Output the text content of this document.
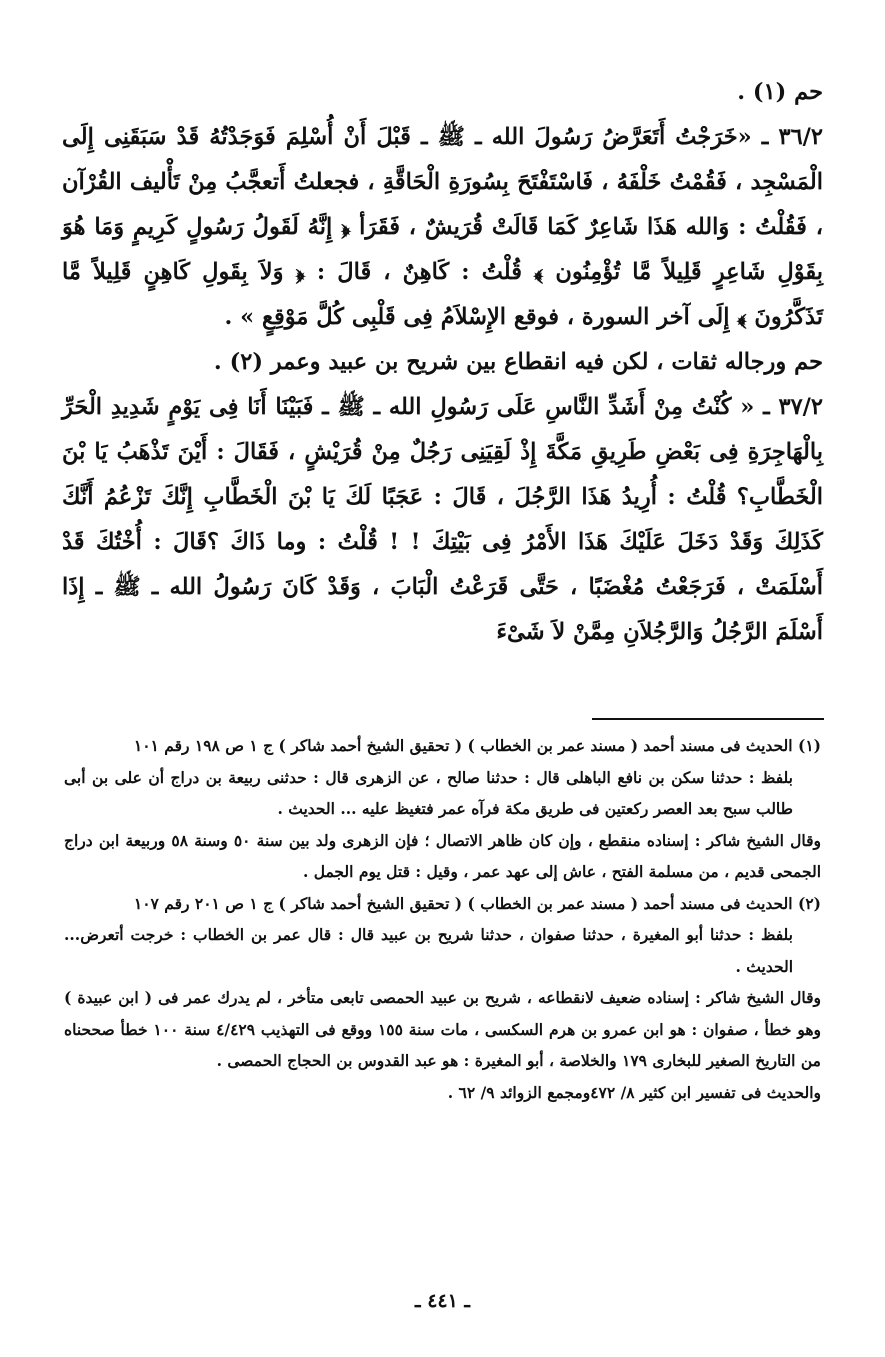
حم (١) .

٣٦/٢ ـ «خَرَجْتُ أَتَعَرَّضُ رَسُولَ الله ـ ﷺ ـ قَبْلَ أَنْ أُسْلِمَ فَوَجَدْتُهُ قَدْ سَبَقَنِى إِلَى الْمَسْجِد ، فَقُمْتُ خَلْفَهُ ، فَاسْتَفْتَحَ بِسُورَةِ الْحَاقَّةِ ، فجعلتُ أَتعجَّبُ مِنْ تَأْليف القُرْآن ، فَقُلْتُ : وَالله هَذَا شَاعِرٌ كَمَا قَالَتْ قُرَيشٌ ، فَقَرَأ ﴿ إِنَّهُ لَقَولُ رَسُولٍ كَرِيمٍ وَمَا هُوَ بِقَوْلِ شَاعِرٍ قَلِيلاً مَّا تُؤْمِنُون ﴾ قُلْتُ : كَاهِنٌ ، قَالَ : ﴿ وَلاَ بِقَولِ كَاهِنٍ قَلِيلاً مَّا تَذَكَّرُونَ ﴾ إِلَى آخر السورة ، فوقع الإِسْلاَمُ فِى قَلْبِى كُلَّ مَوْقِعٍ » .

حم ورجاله ثقات ، لكن فيه انقطاع بين شريح بن عبيد وعمر (٢) .

٣٧/٢ ـ « كُنْتُ مِنْ أَشَدِّ النَّاسِ عَلَى رَسُولِ الله ـ ﷺ ـ فَبَيْنَا أَنَا فِى يَوْمٍ شَدِيدِ الْحَرِّ بِالْهَاجِرَةِ فِى بَعْضِ طَرِيقِ مَكَّةَ إِذْ لَقِيَنِى رَجُلٌ مِنْ قُرَيْشٍ ، فَقَالَ : أَيْنَ تَذْهَبُ يَا بْنَ الْخَطَّابِ؟ قُلْتُ : أُرِيدُ هَذَا الرَّجُلَ ، قَالَ : عَجَبًا لَكَ يَا بْنَ الْخَطَّابِ إِنَّكَ تَزْعُمُ أَنَّكَ كَذَلِكَ وَقَدْ دَخَلَ عَلَيْكَ هَذَا الأَمْرُ فِى بَيْتِكَ ! ! قُلْتُ : وما ذَاكَ ؟قَالَ : أُخْتُكَ قَدْ أَسْلَمَتْ ، فَرَجَعْتُ مُغْضَبًا ، حَتَّى قَرَعْتُ الْبَابَ ، وَقَدْ كَانَ رَسُولُ الله ـ ﷺ ـ إِذَا أَسْلَمَ الرَّجُلُ وَالرَّجُلاَنِ مِمَّنْ لاَ شَىْءَ

(١) الحديث فى مسند أحمد ( مسند عمر بن الخطاب ) ( تحقيق الشيخ أحمد شاكر ) ج ١ ص ١٩٨ رقم ١٠١

بلفظ : حدثنا سكن بن نافع الباهلى قال : حدثنا صالح ، عن الزهرى قال : حدثنى ربيعة بن دراج أن على بن أبى طالب سبح بعد العصر ركعتين فى طريق مكة فرآه عمر فتغيظ عليه ... الحديث .

وقال الشيخ شاكر : إسناده منقطع ، وإن كان ظاهر الاتصال ؛ فإن الزهرى ولد بين سنة ٥٠ وسنة ٥٨ وربيعة ابن دراج الجمحى قديم ، من مسلمة الفتح ، عاش إلى عهد عمر ، وقيل : قتل يوم الجمل .

(٢) الحديث فى مسند أحمد ( مسند عمر بن الخطاب ) ( تحقيق الشيخ أحمد شاكر ) ج ١ ص ٢٠١ رقم ١٠٧

بلفظ : حدثنا أبو المغيرة ، حدثنا صفوان ، حدثنا شريح بن عبيد قال : قال عمر بن الخطاب : خرجت أتعرض... الحديث .

وقال الشيخ شاكر : إسناده ضعيف لانقطاعه ، شريح بن عبيد الحمصى تابعى متأخر ، لم يدرك عمر فى ( ابن عبيدة ) وهو خطأ ، صفوان : هو ابن عمرو بن هرم السكسى ، مات سنة ١٥٥ ووقع فى التهذيب ٤/٤٢٩ سنة ١٠٠ خطأ صححناه من التاريخ الصغير للبخارى ١٧٩ والخلاصة ، أبو المغيرة : هو عبد القدوس بن الحجاج الحمصى .

والحديث فى تفسير ابن كثير ٨/ ٤٧٢ومجمع الزوائد ٩/ ٦٢ .

ـ ٤٤١ ـ
